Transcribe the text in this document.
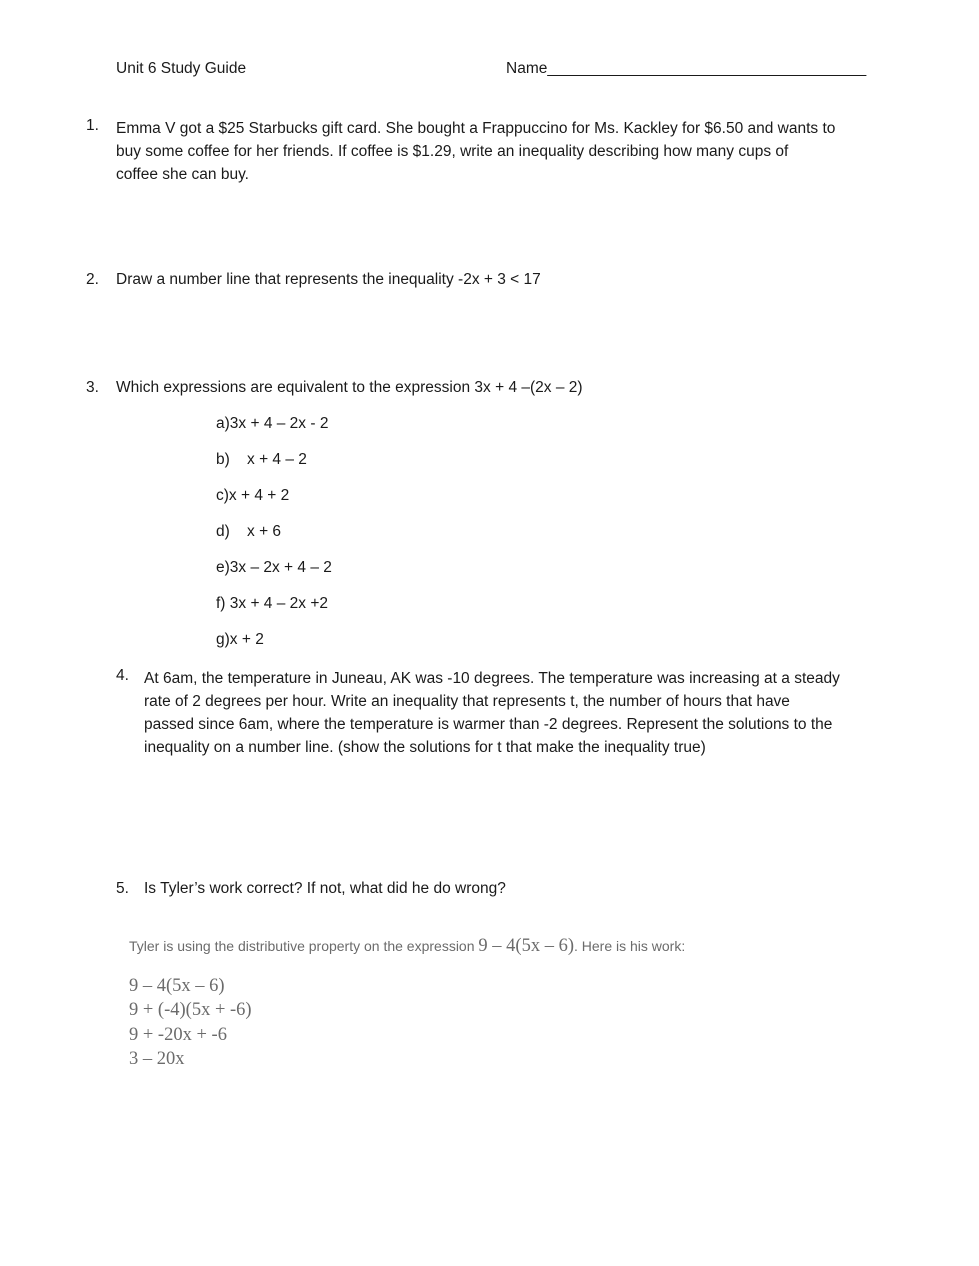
Unit 6 Study Guide	Name_____________________________________
1. Emma V got a $25 Starbucks gift card. She bought a Frappuccino for Ms. Kackley for $6.50 and wants to
buy some coffee for her friends. If coffee is $1.29, write an inequality describing how many cups of
coffee she can buy.
2. Draw a number line that represents the inequality -2x + 3 < 17
3. Which expressions are equivalent to the expression 3x + 4 –(2x – 2)
a)3x + 4 – 2x - 2
b)    x + 4 – 2
c)x + 4 + 2
d)    x + 6
e)3x – 2x + 4 – 2
f) 3x + 4 – 2x +2
g)x + 2
4. At 6am, the temperature in Juneau, AK was -10 degrees. The temperature was increasing at a steady
rate of 2 degrees per hour. Write an inequality that represents t, the number of hours that have
passed since 6am, where the temperature is warmer than -2 degrees. Represent the solutions to the
inequality on a number line. (show the solutions for t that make the inequality true)
5. Is Tyler’s work correct? If not, what did he do wrong?
Tyler is using the distributive property on the expression 9 – 4(5x – 6). Here is his work:
9 – 4(5x – 6)
9 + (-4)(5x + -6)
9 + -20x + -6
3 – 20x
